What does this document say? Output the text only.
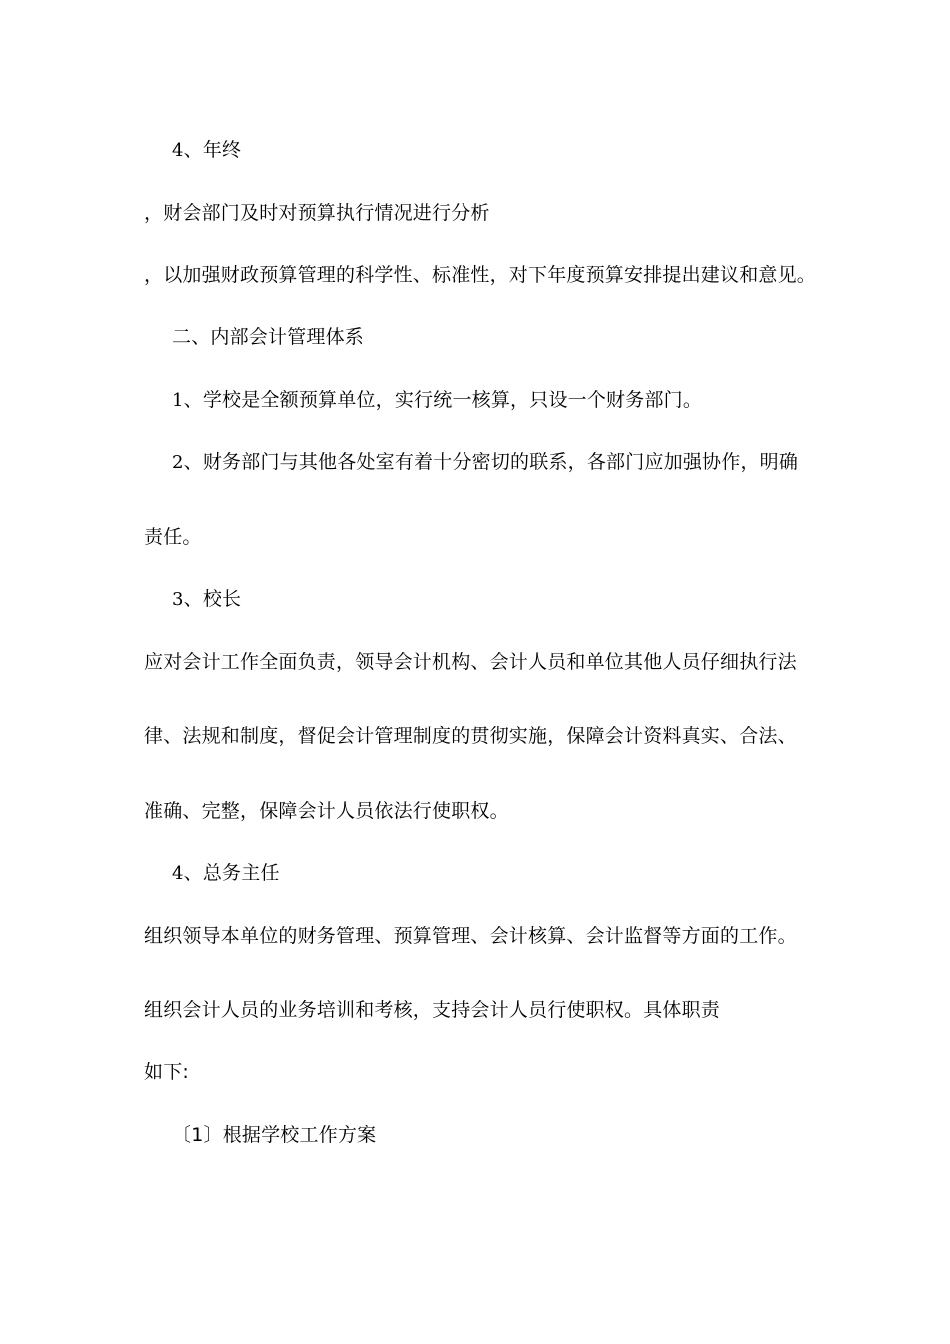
4、年终
，财会部门及时对预算执行情况进行分析
，以加强财政预算管理的科学性、标准性，对下年度预算安排提出建议和意见。
二、内部会计管理体系
1、学校是全额预算单位，实行统一核算，只设一个财务部门。
2、财务部门与其他各处室有着十分密切的联系，各部门应加强协作，明确
责任。
3、校长
应对会计工作全面负责，领导会计机构、会计人员和单位其他人员仔细执行法
律、法规和制度，督促会计管理制度的贯彻实施，保障会计资料真实、合法、
准确、完整，保障会计人员依法行使职权。
4、总务主任
组织领导本单位的财务管理、预算管理、会计核算、会计监督等方面的工作。
组织会计人员的业务培训和考核，支持会计人员行使职权。具体职责
如下:
〔1〕根据学校工作方案
